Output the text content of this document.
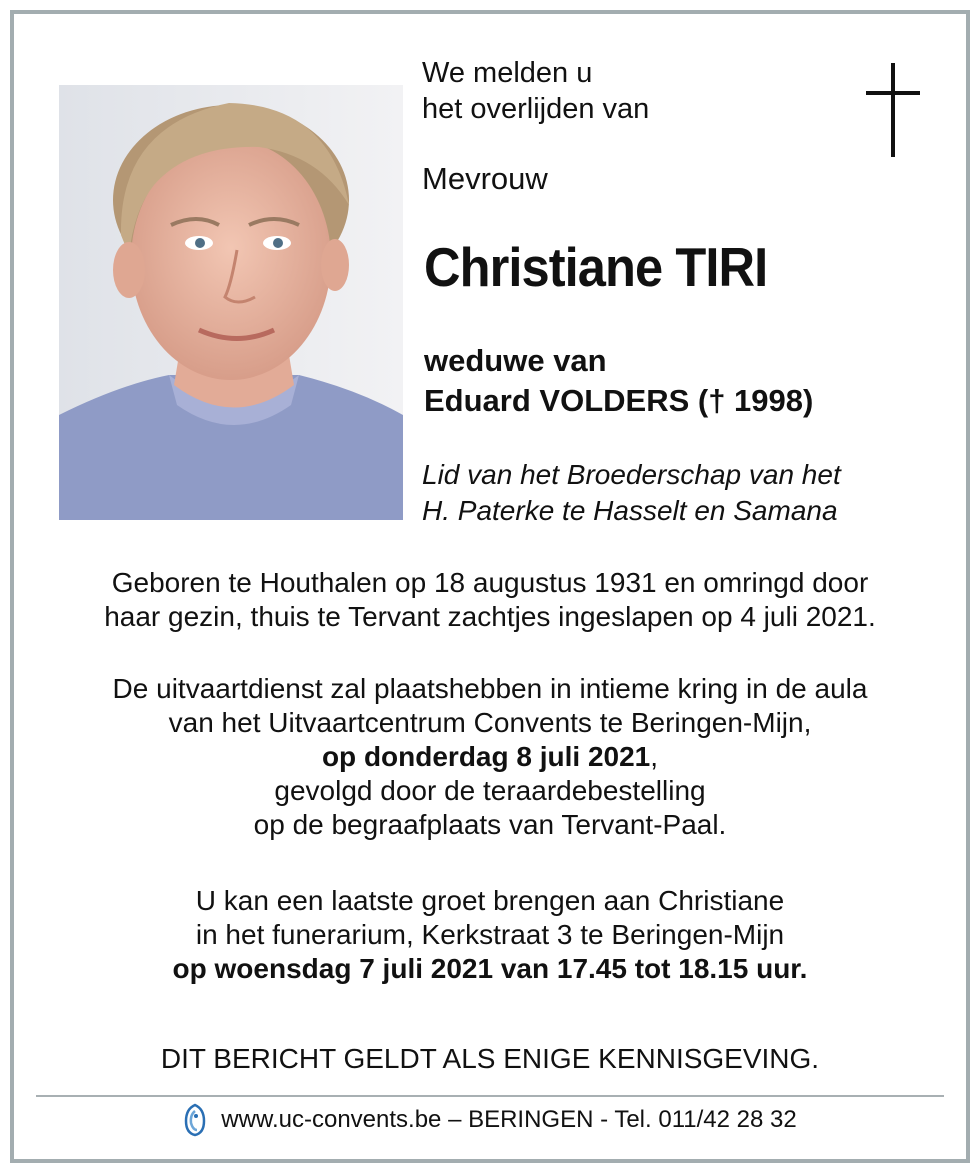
We melden u
het overlijden van
Mevrouw
Christiane TIRI
weduwe van
Eduard VOLDERS († 1998)
Lid van het Broederschap van het
H. Paterke te Hasselt en Samana
Geboren te Houthalen op 18 augustus 1931 en omringd door
haar gezin, thuis te Tervant zachtjes ingeslapen op 4 juli 2021.
De uitvaartdienst zal plaatshebben in intieme kring in de aula
van het Uitvaartcentrum Convents te Beringen-Mijn,
op donderdag 8 juli 2021,
gevolgd door de teraardebestelling
op de begraafplaats van Tervant-Paal.
U kan een laatste groet brengen aan Christiane
in het funerarium, Kerkstraat 3 te Beringen-Mijn
op woensdag 7 juli 2021 van 17.45 tot 18.15 uur.
DIT BERICHT GELDT ALS ENIGE KENNISGEVING.
www.uc-convents.be – BERINGEN - Tel. 011/42 28 32
